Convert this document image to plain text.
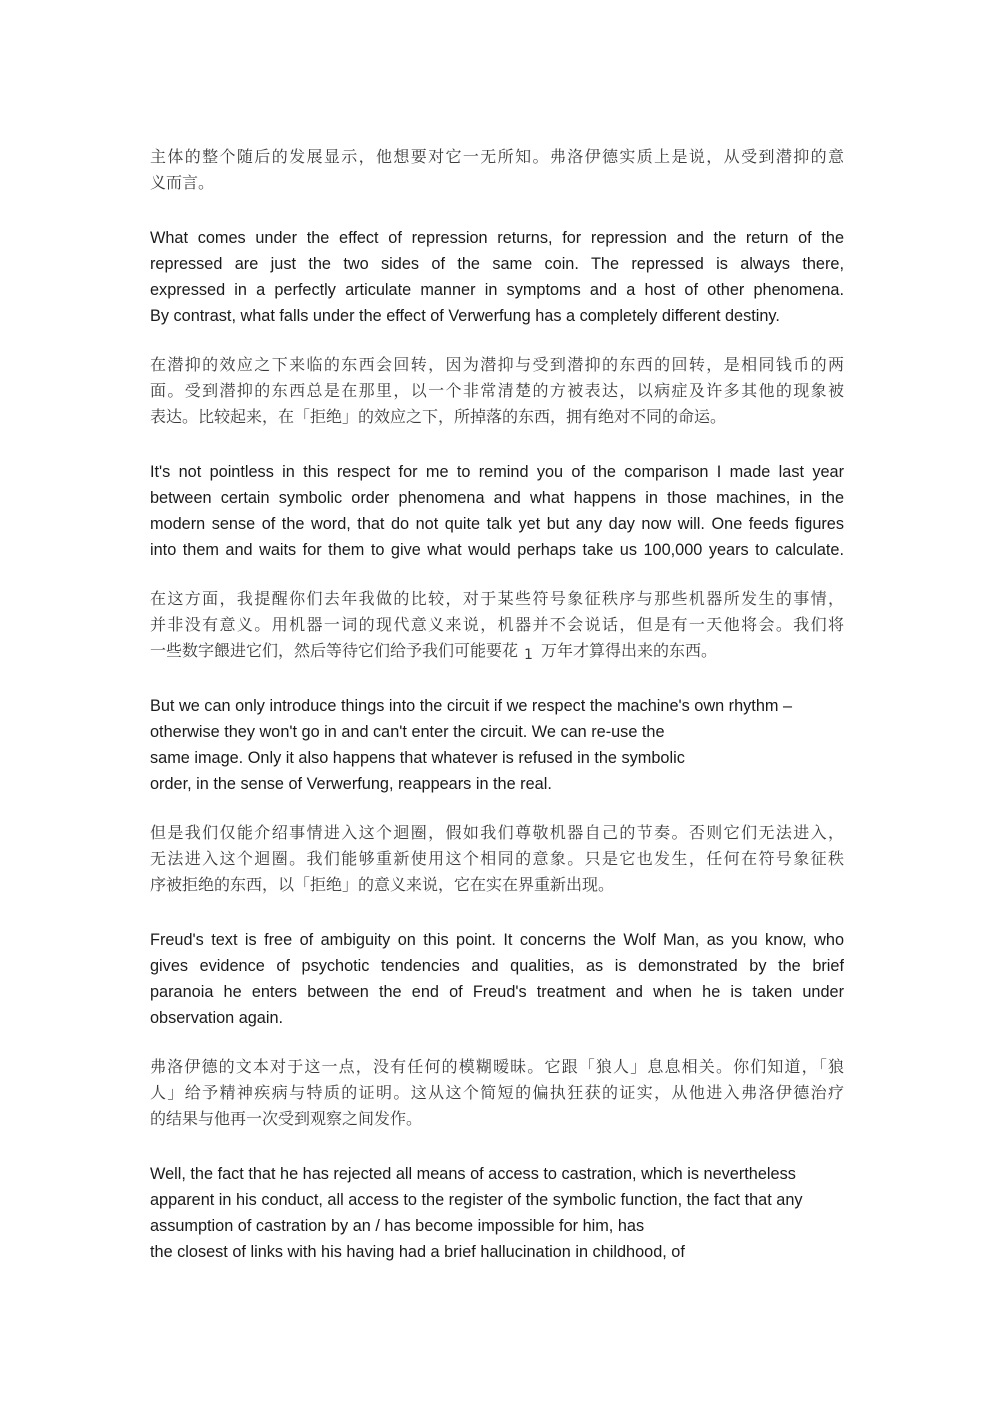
主体的整个随后的发展显示，他想要对它一无所知。弗洛伊德实质上是说，从受到潜抑的意
义而言。
What comes under the effect of repression returns, for repression and the return of the
repressed are just the two sides of the same coin. The repressed is always there,
expressed in a perfectly articulate manner in symptoms and a host of other phenomena.
By contrast, what falls under the effect of Verwerfung has a completely different destiny.
在潜抑的效应之下来临的东西会回转，因为潜抑与受到潜抑的东西的回转，是相同钱币的两
面。受到潜抑的东西总是在那里，以一个非常清楚的方被表达，以病症及许多其他的现象被
表达。比较起来，在「拒绝」的效应之下，所掉落的东西，拥有绝对不同的命运。
It's not pointless in this respect for me to remind you of the comparison I made last year
between certain symbolic order phenomena and what happens in those machines, in the
modern sense of the word, that do not quite talk yet but any day now will. One feeds figures
into them and waits for them to give what would perhaps take us 100,000 years to calculate.
在这方面，我提醒你们去年我做的比较，对于某些符号象征秩序与那些机器所发生的事情，
并非没有意义。用机器一词的现代意义来说，机器并不会说话，但是有一天他将会。我们将
一些数字餵进它们，然后等待它们给予我们可能要花 1 万年才算得出来的东西。
But we can only introduce things into the circuit if we respect the machine's own rhythm –
otherwise they won't go in and can't enter the circuit. We can re-use the
same image. Only it also happens that whatever is refused in the symbolic
order, in the sense of Verwerfung, reappears in the real.
但是我们仅能介绍事情进入这个迴圈，假如我们尊敬机器自己的节奏。否则它们无法进入，
无法进入这个迴圈。我们能够重新使用这个相同的意象。只是它也发生，任何在符号象征秩
序被拒绝的东西，以「拒绝」的意义来说，它在实在界重新出现。
Freud's text is free of ambiguity on this point. It concerns the Wolf Man, as you know, who
gives evidence of psychotic tendencies and qualities, as is demonstrated by the brief
paranoia he enters between the end of Freud's treatment and when he is taken under
observation again.
弗洛伊德的文本对于这一点，没有任何的模糊暧昧。它跟「狼人」息息相关。你们知道，「狼
人」给予精神疾病与特质的证明。这从这个简短的偏执狂获的证实，从他进入弗洛伊德治疗
的结果与他再一次受到观察之间发作。
Well, the fact that he has rejected all means of access to castration, which is nevertheless
apparent in his conduct, all access to the register of the symbolic function, the fact that any
assumption of castration by an / has become impossible for him, has
the closest of links with his having had a brief hallucination in childhood, of
